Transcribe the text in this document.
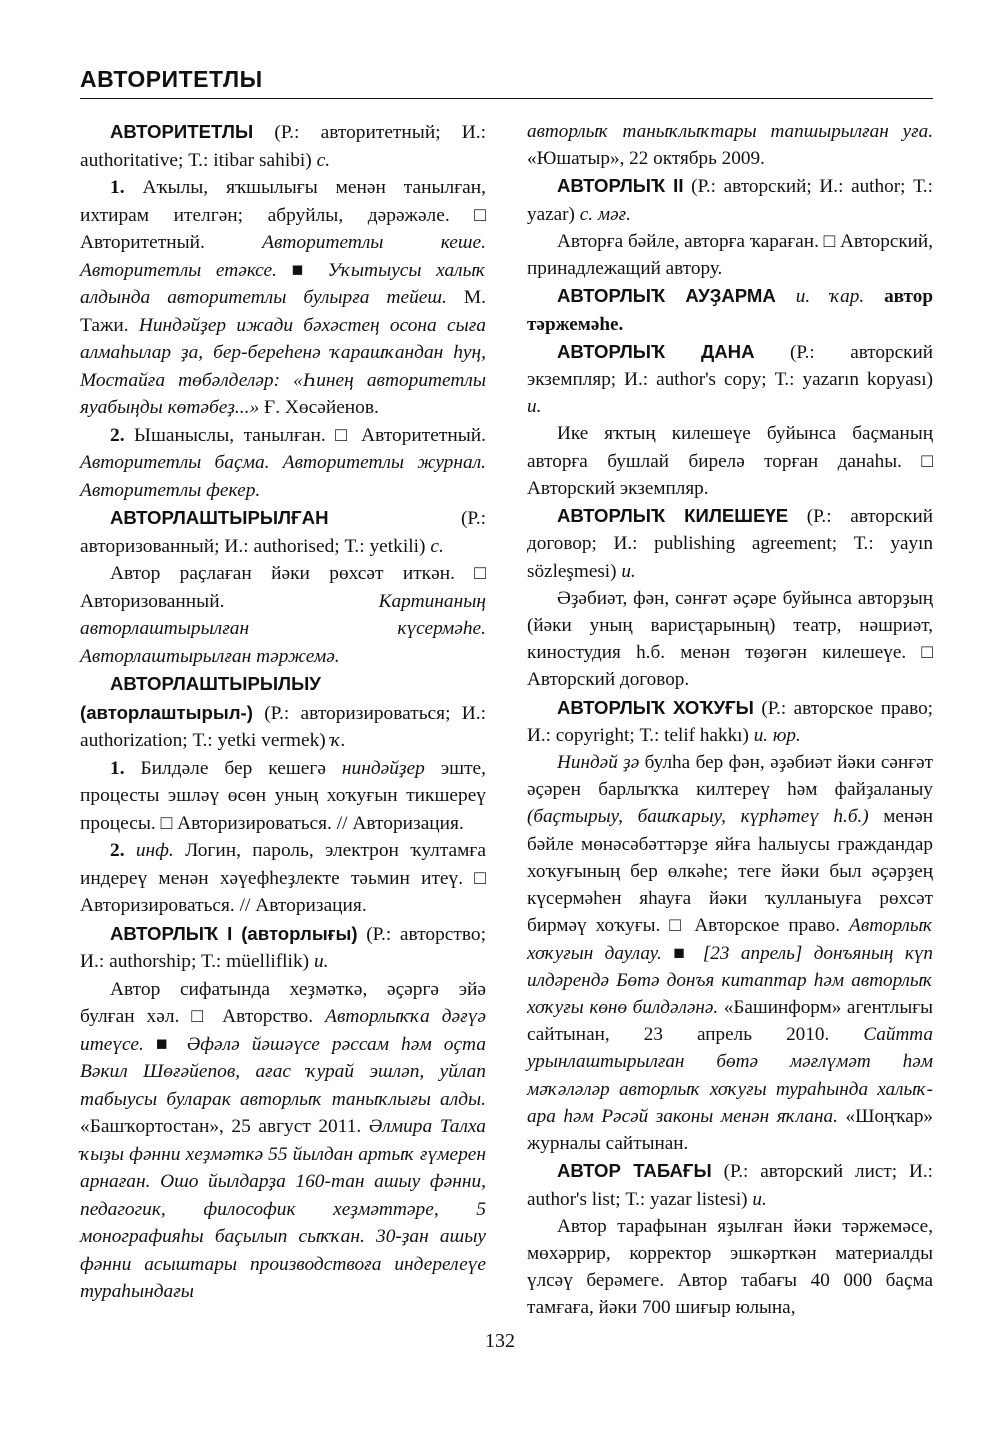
АВТОРИТЕТЛЫ

АВТОРИТЕТЛЫ (Р.: авторитетный; И.: authoritative; Т.: itibar sahibi) с.

1. Аҡылы, яҡшылығы менән танылған, ихтирам ителгән; абруйлы, дәрәжәле. □ Авторитетный. Авторитетлы кеше. Авторитетлы етәксе. ■ Уҡытыусы халыҡ алдында авторитетлы булырға тейеш. М. Тажи. Ниндәйҙер ижади бәхәстең осона сыға алмаһылар ҙа, бер-береһенә ҡарашҡандан һуң, Мостайға төбәлделәр: «Һинең авторитетлы яуабыңды көтәбеҙ...» Ғ. Хөсәйенов.

2. Ышаныслы, танылған. □ Авторитетный. Авторитетлы баҫма. Авторитетлы журнал. Авторитетлы фекер.

АВТОРЛАШТЫРЫЛҒАН (Р.: авторизованный; И.: authorised; Т.: yetkili) с.

Автор раҫлаған йәки рөхсәт иткән. □ Авторизованный. Картинаның авторлаштырылған күсермәһе. Авторлаштырылған тәржемә.

АВТОРЛАШТЫРЫЛЫУ (авторлаштырыл-) (Р.: авторизироваться; И.: authorization; Т.: yetki vermek) ҡ.

1. Билдәле бер кешегә ниндәйҙер эште, процесты эшләү өсөн уның хоҡуғын тикшереү процесы. □ Авторизироваться. // Авторизация.

2. инф. Логин, пароль, электрон ҡултамға индереү менән хәүефһеҙлекте тәьмин итеү. □ Авторизироваться. // Авторизация.

АВТОРЛЫҠ I (авторлығы) (Р.: авторство; И.: authorship; Т.: müelliflik) и.

Автор сифатында хеҙмәткә, әҫәргә эйә булған хәл. □ Авторство. Авторлыҡҡа дәғүә итеүсе. ■ Әфәлә йәшәүсе рәссам һәм оҫта Вәкил Шөғәйепов, ағас ҡурай эшләп, уйлап табыусы буларак авторлыҡ таныҡлығы алды. «Башҡортостан», 25 август 2011. Әлмира Талха ҡыҙы фәнни хеҙмәткә 55 йылдан артыҡ ғүмерен арнаған. Ошо йылдарҙа 160-тан ашыу фәнни, педагогик, философик хеҙмәттәре, 5 монографияһы баҫылып сыҡҡан. 30-ҙан ашыу фәнни асыштары производствоға индерелеүе тураһындағы

авторлыҡ таныҡлыҡтары тапшырылған уға. «Юшатыр», 22 октябрь 2009.

АВТОРЛЫҠ II (Р.: авторский; И.: author; Т.: yazar) с. мәғ.

Авторға бәйле, авторға ҡараған. □ Авторский, принадлежащий автору.

АВТОРЛЫҠ АУҘАРМА и. ҡар. автор тәржемәһе.

АВТОРЛЫҠ ДАНА (Р.: авторский экземпляр; И.: author's copy; Т.: yazarın kopyası) и.

Ике яҡтың килешеүе буйынса баҫманың авторға бушлай бирелә торған данаһы. □ Авторский экземпляр.

АВТОРЛЫҠ КИЛЕШЕҮЕ (Р.: авторский договор; И.: publishing agreement; Т.: yayın sözleşmesi) и.

Әҙәбиәт, фән, сәнғәт әҫәре буйынса авторҙың (йәки уның варисҭарының) театр, нәшриәт, киностудия һ.б. менән төҙөгән килешеүе. □ Авторский договор.

АВТОРЛЫҠ ХОҠУҒЫ (Р.: авторское право; И.: copyright; Т.: telif hakkı) и. юр.

Ниндәй ҙә булһа бер фән, әҙәбиәт йәки сәнғәт әҫәрен барлыҡҡа килтереү һәм файҙаланыу (баҫтырыу, башҡарыу, күрһәтеү һ.б.) менән бәйле мөнәсәбәттәрҙе яйға һалыусы граждандар хоҡуғының бер өлкәһе; теге йәки был әҫәрҙең күсермәһен яһауға йәки ҡулланыуға рөхсәт бирмәү хоҡуғы. □ Авторское право. Авторлыҡ хоҡуғын даулау. ■ [23 апрель] донъяның күп илдәрендә Бөтә донъя китаптар һәм авторлыҡ хоҡуғы көнө билдәләнә. «Башинформ» агентлығы сайтынан, 23 апрель 2010. Сайтта урынлаштырылған бөтә мәғлүмәт һәм мәҡәләләр авторлыҡ хоҡуғы тураһында халыҡ-ара һәм Рәсәй законы менән яҡлана. «Шоңҡар» журналы сайтынан.

АВТОР ТАБАҒЫ (Р.: авторский лист; И.: author's list; Т.: yazar listesi) и.

Автор тарафынан яҙылған йәки тәржемәсе, мөхәррир, корректор эшкәрткән материалды үлсәү берәмеге. Автор табағы 40 000 баҫма тамғаға, йәки 700 шиғыр юлына,

132
